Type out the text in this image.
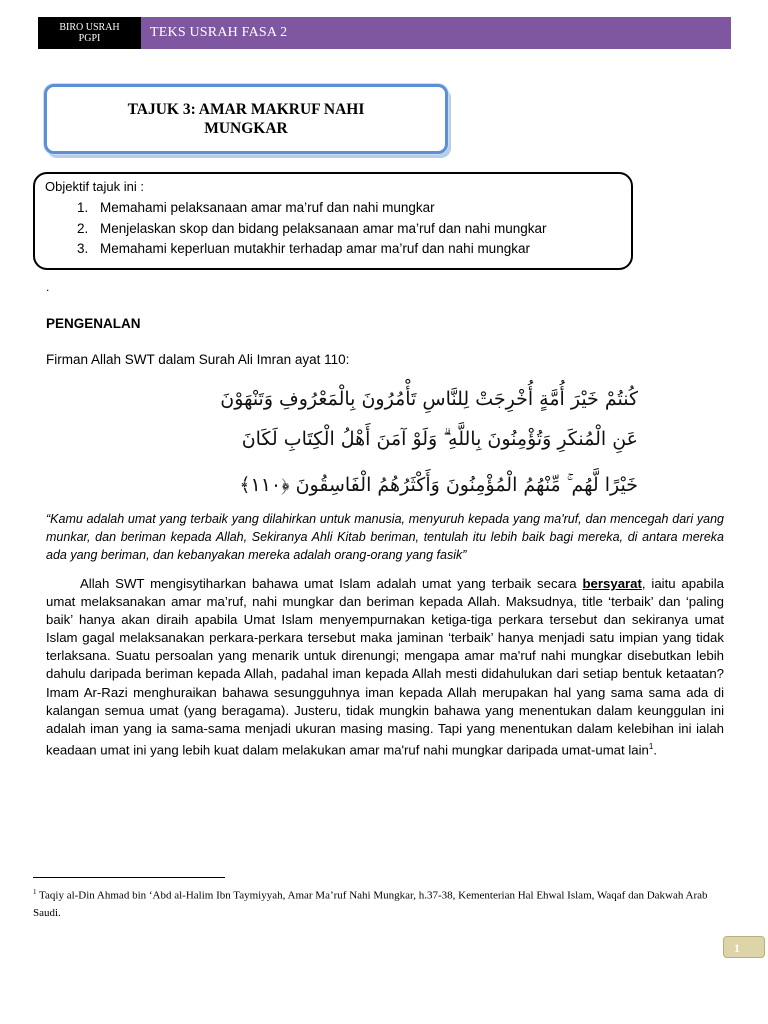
BIRO USRAH
PGPI	TEKS USRAH FASA 2
TAJUK 3: AMAR MAKRUF NAHI
MUNGKAR
Objektif tajuk ini :
1. Memahami pelaksanaan amar ma’ruf dan nahi mungkar
2. Menjelaskan skop dan bidang pelaksanaan amar ma’ruf dan nahi mungkar
3. Memahami keperluan mutakhir terhadap amar ma’ruf dan nahi mungkar
.
PENGENALAN
Firman Allah SWT dalam Surah Ali Imran ayat 110:
كُنتُمْ خَيْرَ أُمَّةٍ أُخْرِجَتْ لِلنَّاسِ تَأْمُرُونَ بِالْمَعْرُوفِ وَتَنْهَوْنَ
عَنِ الْمُنكَرِ وَتُؤْمِنُونَ بِاللَّهِ ۗ وَلَوْ آمَنَ أَهْلُ الْكِتَابِ لَكَانَ
خَيْرًا لَّهُم ۚ مِّنْهُمُ الْمُؤْمِنُونَ وَأَكْثَرُهُمُ الْفَاسِقُونَ ﴿١١٠﴾
“Kamu adalah umat yang terbaik yang dilahirkan untuk manusia, menyuruh kepada yang ma'ruf, dan mencegah dari yang munkar, dan beriman kepada Allah, Sekiranya Ahli Kitab beriman, tentulah itu lebih baik bagi mereka, di antara mereka ada yang beriman, dan kebanyakan mereka adalah orang-orang yang fasik”
Allah SWT mengisytiharkan bahawa umat Islam adalah umat yang terbaik secara bersyarat, iaitu apabila umat melaksanakan amar ma’ruf, nahi mungkar dan beriman kepada Allah. Maksudnya, title ‘terbaik’ dan ‘paling baik’ hanya akan diraih apabila Umat Islam menyempurnakan ketiga-tiga perkara tersebut dan sekiranya umat Islam gagal melaksanakan perkara-perkara tersebut maka jaminan ‘terbaik’ hanya menjadi satu impian yang tidak terlaksana. Suatu persoalan yang menarik untuk direnungi; mengapa amar ma'ruf nahi mungkar disebutkan lebih dahulu daripada beriman kepada Allah, padahal iman kepada Allah mesti didahulukan dari setiap bentuk ketaatan? Imam Ar-Razi menghuraikan bahawa sesungguhnya iman kepada Allah merupakan hal yang sama sama ada di kalangan semua umat (yang beragama). Justeru, tidak mungkin bahawa yang menentukan dalam keunggulan ini adalah iman yang ia sama-sama menjadi ukuran masing masing. Tapi yang menentukan dalam kelebihan ini ialah keadaan umat ini yang lebih kuat dalam melakukan amar ma'ruf nahi mungkar daripada umat-umat lain$^1$.
$^1$ Taqiy al-Din Ahmad bin ‘Abd al-Halim Ibn Taymiyyah, Amar Ma’ruf Nahi Mungkar, h.37-38, Kementerian Hal Ehwal Islam, Waqaf dan Dakwah Arab Saudi.
1
